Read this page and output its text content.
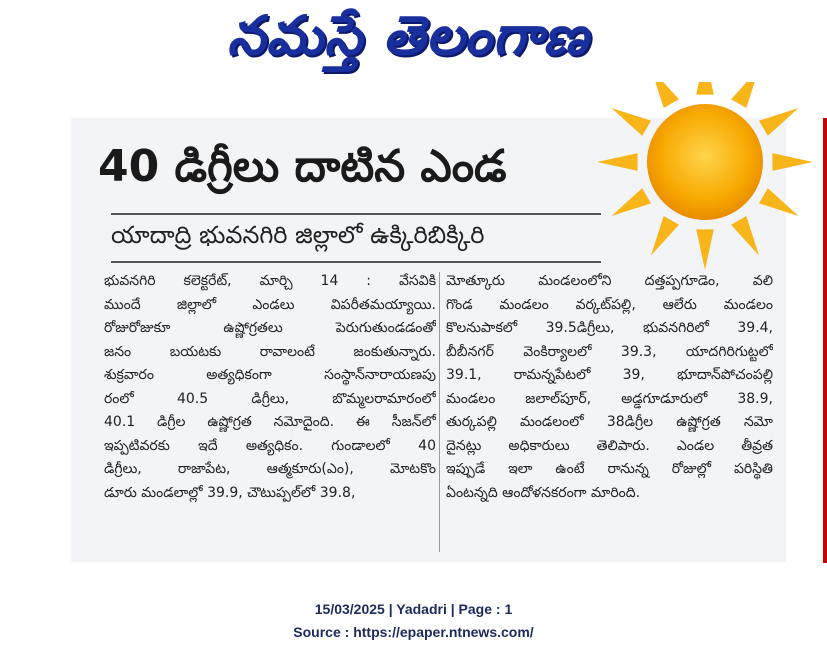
నమస్తే తెలంగాణ
40 డిగ్రీలు దాటిన ఎండ
యాదాద్రి భువనగిరి జిల్లాలో ఉక్కిరిబిక్కిరి
భువనగిరి కలెక్టరేట్, మార్చి 14 : వేసవికి
ముందే జిల్లాలో ఎండలు విపరీతమయ్యాయి.
రోజురోజుకూ ఉష్ణోగ్రతలు పెరుగుతుండడంతో
జనం బయటకు రావాలంటే జంకుతున్నారు.
శుక్రవారం అత్యధికంగా సంస్థాన్‌నారాయణపు
రంలో 40.5 డిగ్రీలు, బొమ్మలరామారంలో
40.1 డిగ్రీల ఉష్ణోగ్రత నమోదైంది. ఈ సీజన్‌లో
ఇప్పటివరకు ఇదే అత్యధికం. గుండాలలో 40
డిగ్రీలు, రాజాపేట, ఆత్మకూరు(ఎం), మోటకొం
డూరు మండలాల్లో 39.9, చౌటుప్పల్‌లో 39.8,
మోత్కూరు మండలంలోని దత్తప్పగూడెం, వలి
గొండ మండలం వర్కట్‌పల్లి, ఆలేరు మండలం
కొలనుపాకలో 39.5డిగ్రీలు, భువనగిరిలో 39.4,
బీబీనగర్ వెంకిర్యాలలో 39.3, యాదగిరిగుట్టలో
39.1, రామన్నపేటలో 39, భూదాన్‌పోచంపల్లి
మండలం జలాల్‌పూర్, అడ్డగూడూరులో 38.9,
తుర్కపల్లి మండలంలో 38డిగ్రీల ఉష్ణోగ్రత నమో
దైనట్లు అధికారులు తెలిపారు. ఎండల తీవ్రత
ఇప్పుడే ఇలా ఉంటే రానున్న రోజుల్లో పరిస్థితి
ఏంటన్నది ఆందోళనకరంగా మారింది.
15/03/2025 | Yadadri | Page : 1
Source : https://epaper.ntnews.com/
